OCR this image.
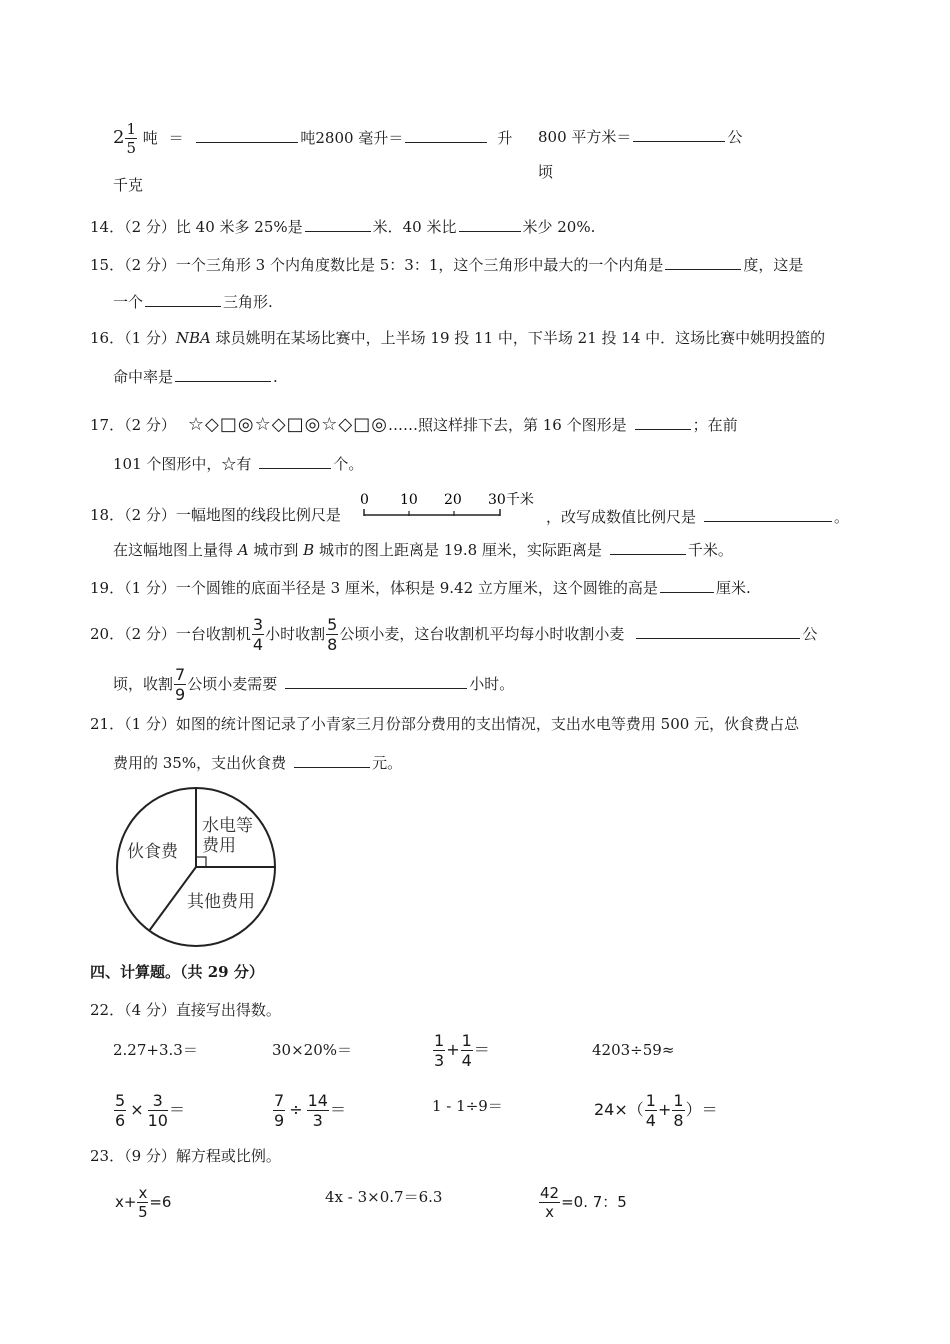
$2 \frac{1}{5}$ 吨 ＝	吨2800 毫升＝	升 800 平方米＝	公
千克
顷
14．（2 分）比 40 米多 25%是	米．40 米比	米少 20%.
15．（2 分）一个三角形 3 个内角度数比是 5：3：1，这个三角形中最大的一个内角是	度，这是
一个	三角形.
16．（1 分）NBA 球员姚明在某场比赛中，上半场 19 投 11 中，下半场 21 投 14 中．这场比赛中姚明投篮的
命中率是	.
17．（2 分） ☆◇□◎☆◇□◎☆◇□◎……照这样排下去，第 16 个图形是	；在前
101 个图形中，☆有	个。
18．（2 分）一幅地图的线段比例尺是
0 10 20 30千米
，改写成数值比例尺是	。
在这幅地图上量得 A 城市到 B 城市的图上距离是 19.8 厘米，实际距离是	千米。
19．（1 分）一个圆锥的底面半径是 3 厘米，体积是 9.42 立方厘米，这个圆锥的高是	厘米.
20．（2 分）一台收割机 $\frac{3}{4}$ 小时收割 $\frac{5}{8}$ 公顷小麦，这台收割机平均每小时收割小麦	公
顷，收割 $\frac{7}{9}$ 公顷小麦需要	小时。
21．（1 分）如图的统计图记录了小青家三月份部分费用的支出情况，支出水电等费用 500 元，伙食费占总
费用的 35%，支出伙食费	元。
伙食费
水电等
费用
其他费用
四、计算题。（共 29 分）
22．（4 分）直接写出得数。
2.27+3.3＝	30×20%＝	$\frac{1}{3} + \frac{1}{4}$ ＝	4203÷59≈
$\frac{5}{6} \times \frac{3}{10}$ ＝	$\frac{7}{9} \div \frac{14}{3}$ ＝	1 - 1÷9＝	$24\times( \frac{1}{4} + \frac{1}{8}$ ）＝
23．（9 分）解方程或比例。
$x+ \frac{x}{5} =6$	4x - 3×0.7＝6.3	$\frac{42}{x} =0$. 7：5
